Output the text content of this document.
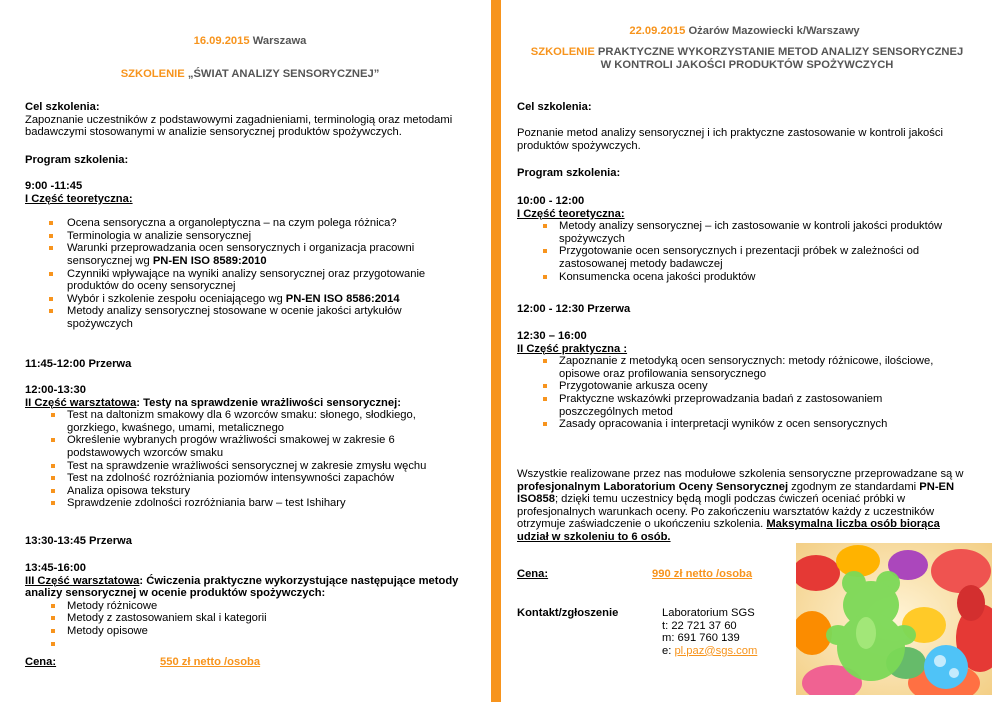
16.09.2015 Warszawa
SZKOLENIE „ŚWIAT ANALIZY SENSORYCZNEJ”

Cel szkolenia:

Zapoznanie uczestników z podstawowymi zagadnieniami, terminologią oraz metodami badawczymi stosowanymi w analizie sensorycznej produktów spożywczych.

Program szkolenia:

9:00 -11:45

I Część teoretyczna:

Ocena sensoryczna a organoleptyczna – na czym polega różnica?
Terminologia w analizie sensorycznej
Warunki przeprowadzania ocen sensorycznych i organizacja pracowni sensorycznej wg PN-EN ISO 8589:2010
Czynniki wpływające na wyniki analizy sensorycznej oraz przygotowanie produktów do oceny sensorycznej
Wybór i szkolenie zespołu oceniającego wg PN-EN ISO 8586:2014
Metody analizy sensorycznej stosowane w ocenie jakości artykułów spożywczych

11:45-12:00 Przerwa

12:00-13:30

II Część warsztatowa: Testy na sprawdzenie wrażliwości sensorycznej:

Test na daltonizm smakowy dla 6 wzorców smaku: słonego, słodkiego, gorzkiego, kwaśnego, umami, metalicznego
Określenie wybranych progów wrażliwości smakowej w zakresie 6 podstawowych wzorców smaku
Test na sprawdzenie wrażliwości sensorycznej w zakresie zmysłu węchu
Test na zdolność rozróżniania poziomów intensywności zapachów
Analiza opisowa tekstury
Sprawdzenie zdolności rozróżniania barw – test Ishihary

13:30-13:45 Przerwa

13:45-16:00

III Część warsztatowa: Ćwiczenia praktyczne wykorzystujące następujące metody analizy sensorycznej w ocenie produktów spożywczych:

Metody różnicowe
Metody z zastosowaniem skal i kategorii
Metody opisowe

Cena:	550 zł netto /osoba

22.09.2015 Ożarów Mazowiecki k/Warszawy
SZKOLENIE PRAKTYCZNE WYKORZYSTANIE METOD ANALIZY SENSORYCZNEJ W KONTROLI JAKOŚCI PRODUKTÓW SPOŻYWCZYCH

Cel szkolenia:

Poznanie metod analizy sensorycznej i ich praktyczne zastosowanie w kontroli jakości produktów spożywczych.

Program szkolenia:

10:00 - 12:00

I Część teoretyczna:

Metody analizy sensorycznej – ich zastosowanie w kontroli jakości produktów spożywczych
Przygotowanie ocen sensorycznych i prezentacji próbek w zależności od zastosowanej metody badawczej
Konsumencka ocena jakości produktów

12:00 - 12:30 Przerwa

12:30 – 16:00

II Część praktyczna :

Zapoznanie z metodyką ocen sensorycznych: metody różnicowe, ilościowe, opisowe oraz profilowania sensorycznego
Przygotowanie arkusza oceny
Praktyczne wskazówki przeprowadzania badań z zastosowaniem poszczególnych metod
Zasady opracowania i interpretacji wyników z ocen sensorycznych

Wszystkie realizowane przez nas modułowe szkolenia sensoryczne przeprowadzane są w profesjonalnym Laboratorium Oceny Sensorycznej zgodnym ze standardami PN-EN ISO858; dzięki temu uczestnicy będą mogli podczas ćwiczeń oceniać próbki w profesjonalnych warunkach oceny. Po zakończeniu warsztatów każdy z uczestników otrzymuje zaświadczenie o ukończeniu szkolenia. Maksymalna liczba osób biorąca udział w szkoleniu to 6 osób.

Cena:	990 zł netto /osoba

Kontakt/zgłoszenie	Laboratorium SGS

t: 22 721 37 60

m: 691 760 139

e: pl.paz@sgs.com
